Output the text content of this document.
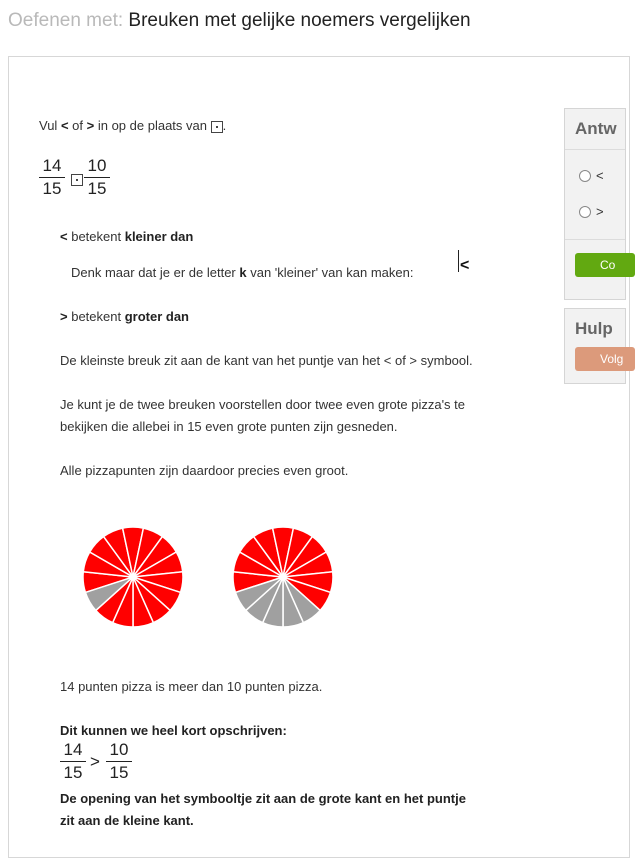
Oefenen met: Breuken met gelijke noemers vergelijken
Vul < of > in op de plaats van .
14
15
10
15
< betekent kleiner dan
Denk maar dat je er de letter k van 'kleiner' van kan maken:	<
> betekent groter dan
De kleinste breuk zit aan de kant van het puntje van het < of > symbool.
Je kunt je de twee breuken voorstellen door twee even grote pizza's te
bekijken die allebei in 15 even grote punten zijn gesneden.
Alle pizzapunten zijn daardoor precies even groot.
14 punten pizza is meer dan 10 punten pizza.
Dit kunnen we heel kort opschrijven:
14
15
>
10
15
De opening van het symbooltje zit aan de grote kant en het puntje
zit aan de kleine kant.
Antw
<
>
Co
Hulp
Volg
